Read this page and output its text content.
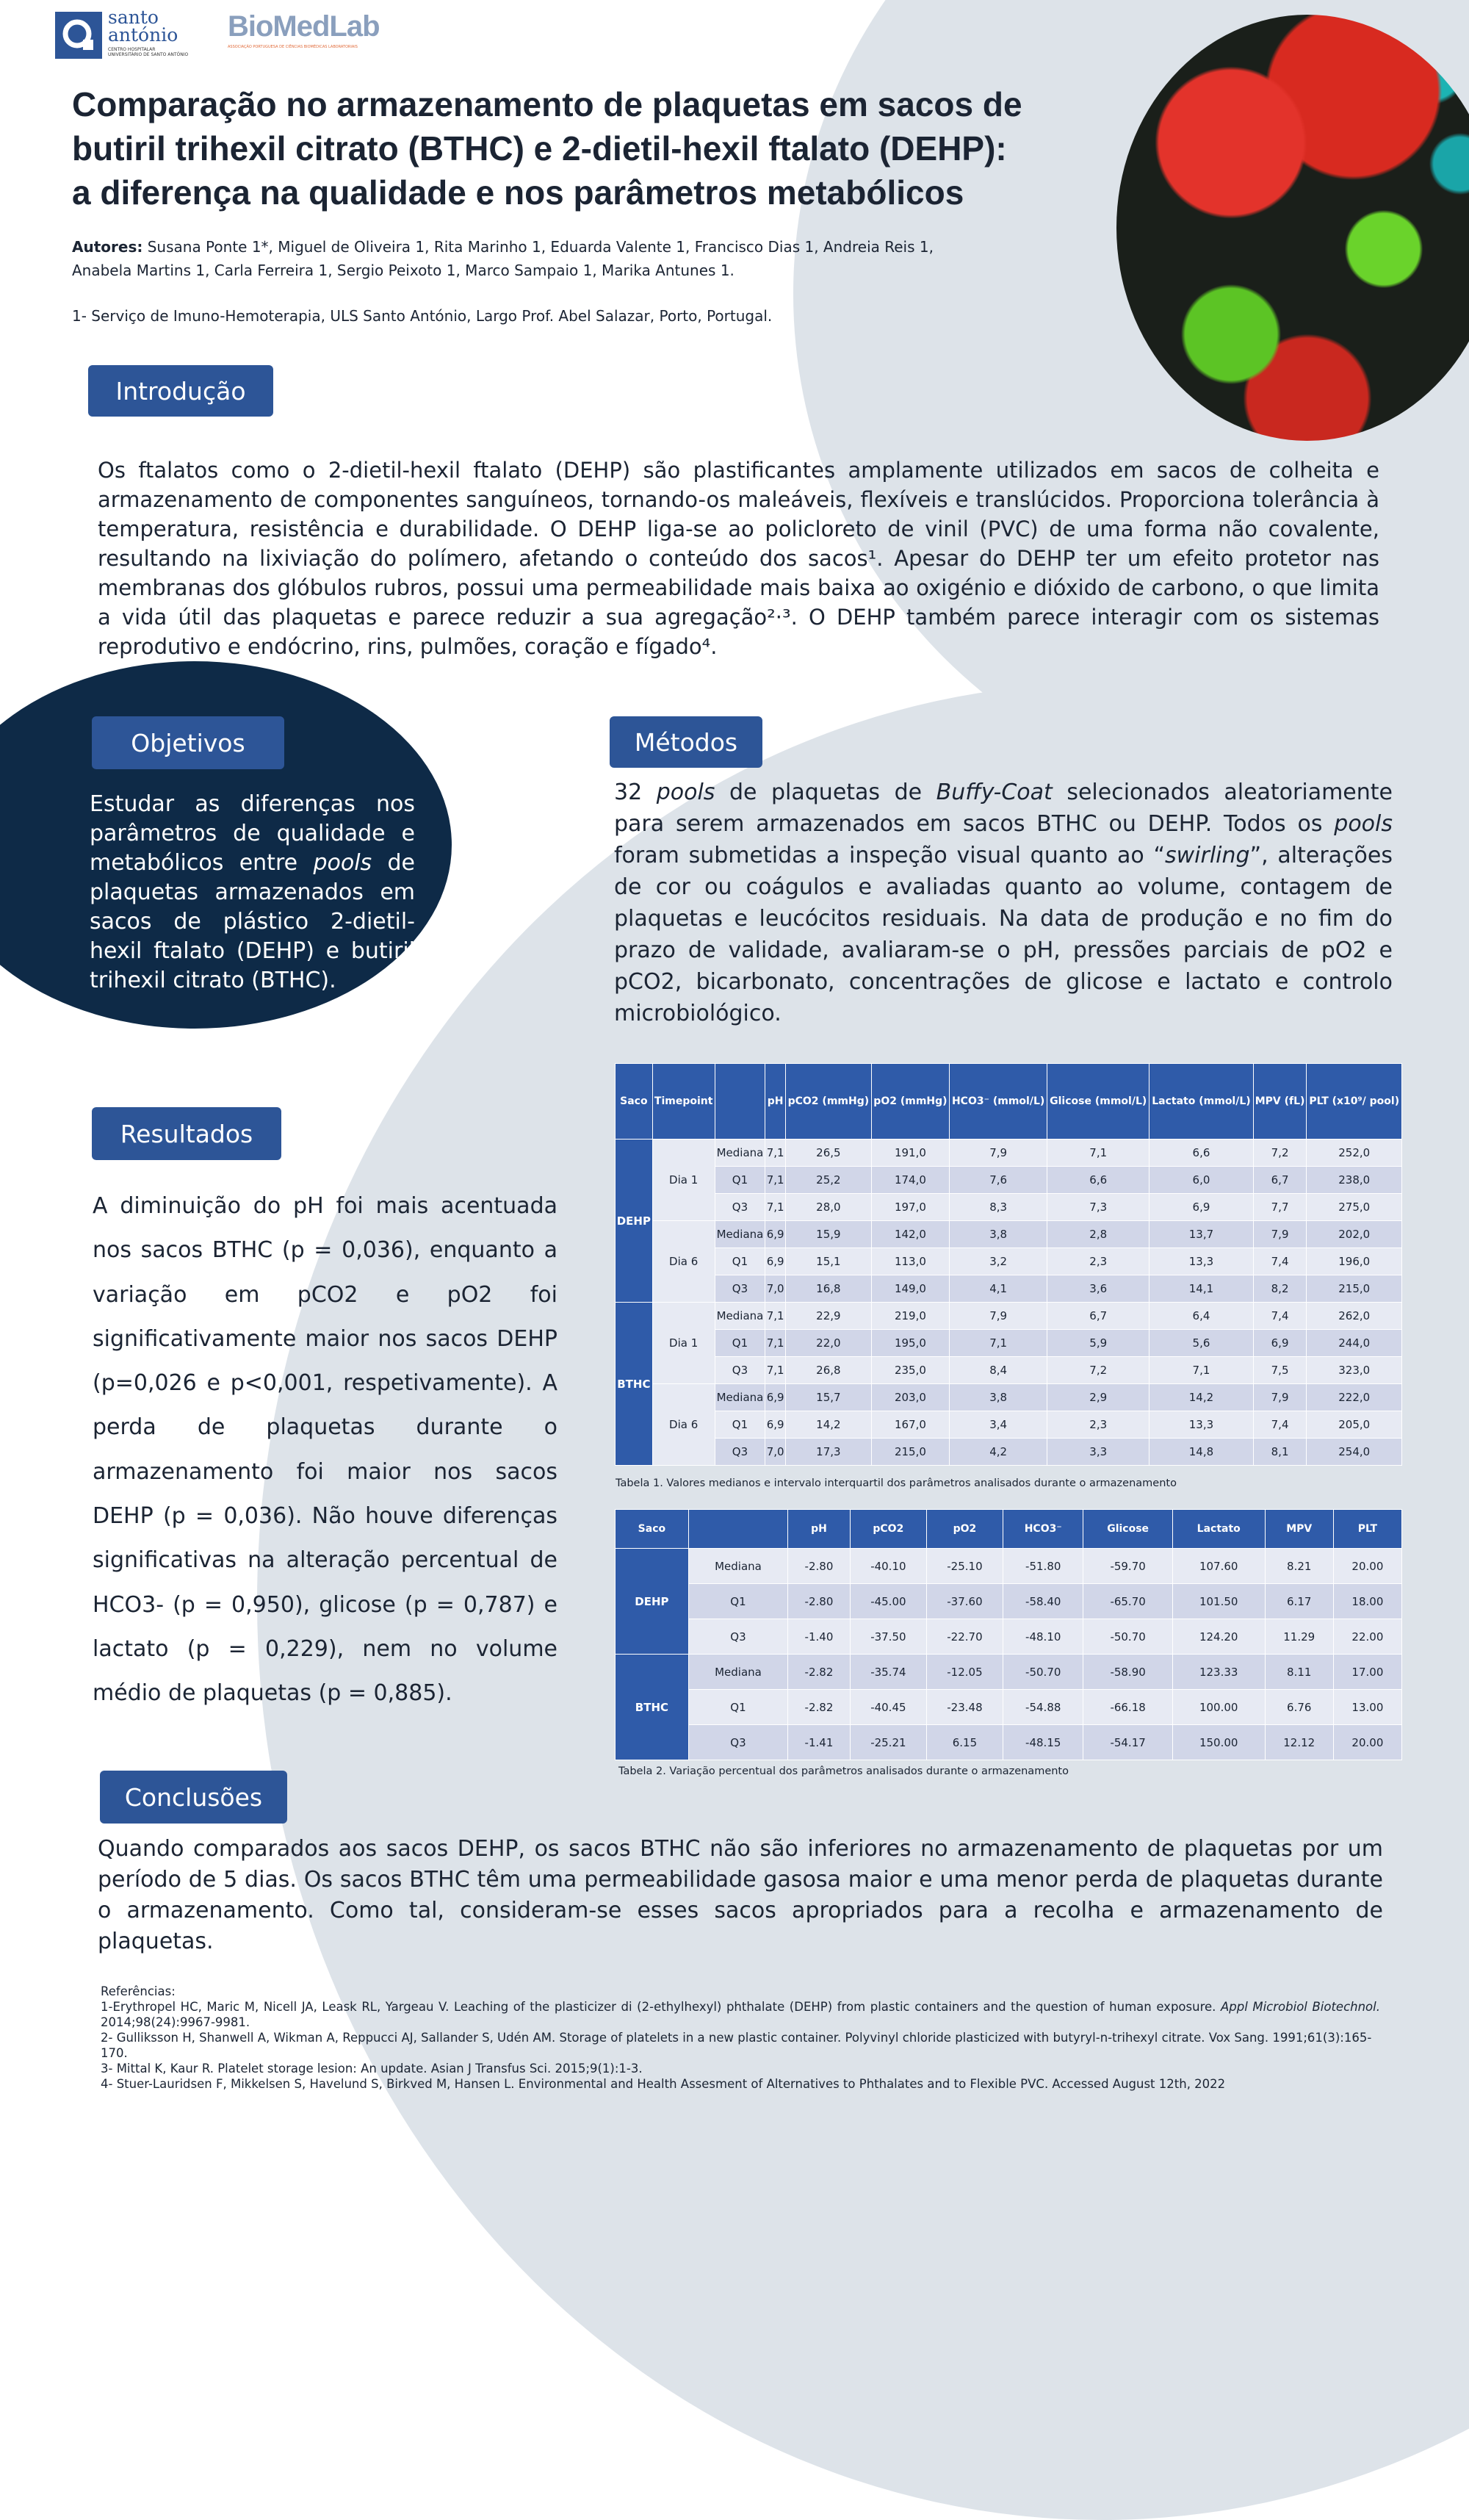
santo
antónio
CENTRO HOSPITALAR
UNIVERSITÁRIO DE SANTO ANTÓNIO
BioMedLab
ASSOCIAÇÃO PORTUGUESA DE CIÊNCIAS BIOMÉDICAS LABORATORIAIS
Comparação no armazenamento de plaquetas em sacos de
butiril trihexil citrato (BTHC) e 2-dietil-hexil ftalato (DEHP):
a diferença na qualidade e nos parâmetros metabólicos
Autores: Susana Ponte 1*, Miguel de Oliveira 1, Rita Marinho 1, Eduarda Valente 1, Francisco Dias 1, Andreia Reis 1,
Anabela Martins 1, Carla Ferreira 1, Sergio Peixoto 1, Marco Sampaio 1, Marika Antunes 1.
1- Serviço de Imuno-Hemoterapia, ULS Santo António, Largo Prof. Abel Salazar, Porto, Portugal.
Introdução
Os ftalatos como o 2-dietil-hexil ftalato (DEHP) são plastificantes amplamente utilizados em sacos de colheita e armazenamento de componentes sanguíneos, tornando-os maleáveis, flexíveis e translúcidos. Proporciona tolerância à temperatura, resistência e durabilidade. O DEHP liga-se ao policloreto de vinil (PVC) de uma forma não covalente, resultando na lixiviação do polímero, afetando o conteúdo dos sacos¹. Apesar do DEHP ter um efeito protetor nas membranas dos glóbulos rubros, possui uma permeabilidade mais baixa ao oxigénio e dióxido de carbono, o que limita a vida útil das plaquetas e parece reduzir a sua agregação²·³. O DEHP também parece interagir com os sistemas reprodutivo e endócrino, rins, pulmões, coração e fígado⁴.
Objetivos
Estudar as diferenças nos parâmetros de qualidade e metabólicos entre pools de plaquetas armazenados em sacos de plástico 2-dietil-hexil ftalato (DEHP) e butiril trihexil citrato (BTHC).
Métodos
32 pools de plaquetas de Buffy-Coat selecionados aleatoriamente para serem armazenados em sacos BTHC ou DEHP. Todos os pools foram submetidas a inspeção visual quanto ao “swirling”, alterações de cor ou coágulos e avaliadas quanto ao volume, contagem de plaquetas e leucócitos residuais. Na data de produção e no fim do prazo de validade, avaliaram-se o pH, pressões parciais de pO2 e pCO2, bicarbonato, concentrações de glicose e lactato e controlo microbiológico.
Resultados
A diminuição do pH foi mais acentuada nos sacos BTHC (p = 0,036), enquanto a variação em pCO2 e pO2 foi significativamente maior nos sacos DEHP (p=0,026 e p<0,001, respetivamente). A perda de plaquetas durante o armazenamento foi maior nos sacos DEHP (p = 0,036). Não houve diferenças significativas na alteração percentual de HCO3- (p = 0,950), glicose (p = 0,787) e lactato (p = 0,229), nem no volume médio de plaquetas (p = 0,885).
Saco	Timepoint		pH	pCO2 (mmHg)	pO2 (mmHg)	HCO3⁻ (mmol/L)	Glicose (mmol/L)	Lactato (mmol/L)	MPV (fL)	PLT (x10⁹/ pool)
DEHP	Dia 1	Mediana	7,1	26,5	191,0	7,9	7,1	6,6	7,2	252,0
		Q1	7,1	25,2	174,0	7,6	6,6	6,0	6,7	238,0
		Q3	7,1	28,0	197,0	8,3	7,3	6,9	7,7	275,0
	Dia 6	Mediana	6,9	15,9	142,0	3,8	2,8	13,7	7,9	202,0
		Q1	6,9	15,1	113,0	3,2	2,3	13,3	7,4	196,0
		Q3	7,0	16,8	149,0	4,1	3,6	14,1	8,2	215,0
BTHC	Dia 1	Mediana	7,1	22,9	219,0	7,9	6,7	6,4	7,4	262,0
		Q1	7,1	22,0	195,0	7,1	5,9	5,6	6,9	244,0
		Q3	7,1	26,8	235,0	8,4	7,2	7,1	7,5	323,0
	Dia 6	Mediana	6,9	15,7	203,0	3,8	2,9	14,2	7,9	222,0
		Q1	6,9	14,2	167,0	3,4	2,3	13,3	7,4	205,0
		Q3	7,0	17,3	215,0	4,2	3,3	14,8	8,1	254,0
Tabela 1. Valores medianos e intervalo interquartil dos parâmetros analisados durante o armazenamento
Saco		pH	pCO2	pO2	HCO3⁻	Glicose	Lactato	MPV	PLT
DEHP	Mediana	-2.80	-40.10	-25.10	-51.80	-59.70	107.60	8.21	20.00
	Q1	-2.80	-45.00	-37.60	-58.40	-65.70	101.50	6.17	18.00
	Q3	-1.40	-37.50	-22.70	-48.10	-50.70	124.20	11.29	22.00
BTHC	Mediana	-2.82	-35.74	-12.05	-50.70	-58.90	123.33	8.11	17.00
	Q1	-2.82	-40.45	-23.48	-54.88	-66.18	100.00	6.76	13.00
	Q3	-1.41	-25.21	6.15	-48.15	-54.17	150.00	12.12	20.00
Tabela 2. Variação percentual dos parâmetros analisados durante o armazenamento
Conclusões
Quando comparados aos sacos DEHP, os sacos BTHC não são inferiores no armazenamento de plaquetas por um período de 5 dias. Os sacos BTHC têm uma permeabilidade gasosa maior e uma menor perda de plaquetas durante o armazenamento. Como tal, consideram-se esses sacos apropriados para a recolha e armazenamento de plaquetas.
Referências:
1-Erythropel HC, Maric M, Nicell JA, Leask RL, Yargeau V. Leaching of the plasticizer di (2-ethylhexyl) phthalate (DEHP) from plastic containers and the question of human exposure. Appl Microbiol Biotechnol. 2014;98(24):9967-9981.
2- Gulliksson H, Shanwell A, Wikman A, Reppucci AJ, Sallander S, Udén AM. Storage of platelets in a new plastic container. Polyvinyl chloride plasticized with butyryl-n-trihexyl citrate. Vox Sang. 1991;61(3):165-170.
3- Mittal K, Kaur R. Platelet storage lesion: An update. Asian J Transfus Sci. 2015;9(1):1-3.
4- Stuer-Lauridsen F, Mikkelsen S, Havelund S, Birkved M, Hansen L. Environmental and Health Assesment of Alternatives to Phthalates and to Flexible PVC. Accessed August 12th, 2022
